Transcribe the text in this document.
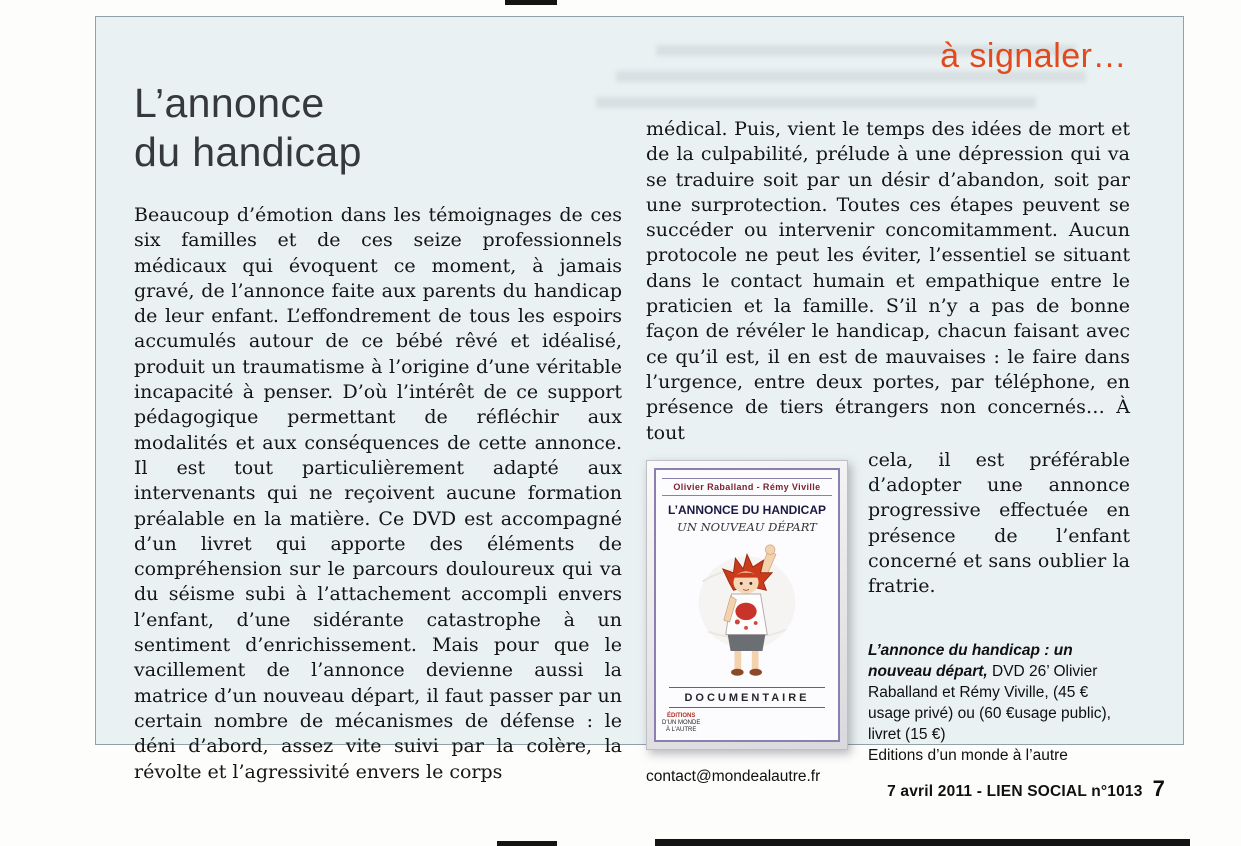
à signaler…
L’annonce
du handicap

Beaucoup d’émotion dans les témoignages de ces six familles et de ces seize professionnels médicaux qui évoquent ce moment, à jamais gravé, de l’annonce faite aux parents du handicap de leur enfant. L’effondrement de tous les espoirs accumulés autour de ce bébé rêvé et idéalisé, produit un traumatisme à l’origine d’une véritable incapacité à penser. D’où l’intérêt de ce support pédagogique permettant de réfléchir aux modalités et aux conséquences de cette annonce. Il est tout particulièrement adapté aux intervenants qui ne reçoivent aucune formation préalable en la matière. Ce DVD est accompagné d’un livret qui apporte des éléments de compréhension sur le parcours douloureux qui va du séisme subi à l’attachement accompli envers l’enfant, d’une sidérante catastrophe à un sentiment d’enrichissement. Mais pour que le vacillement de l’annonce devienne aussi la matrice d’un nouveau départ, il faut passer par un certain nombre de mécanismes de défense : le déni d’abord, assez vite suivi par la colère, la révolte et l’agressivité envers le corps

médical. Puis, vient le temps des idées de mort et de la culpabilité, prélude à une dépression qui va se traduire soit par un désir d’abandon, soit par une surprotection. Toutes ces étapes peuvent se succéder ou intervenir concomitamment. Aucun protocole ne peut les éviter, l’essentiel se situant dans le contact humain et empathique entre le praticien et la famille. S’il n’y a pas de bonne façon de révéler le handicap, chacun faisant avec ce qu’il est, il en est de mauvaises : le faire dans l’urgence, entre deux portes, par téléphone, en présence de tiers étrangers non concernés… À tout

Olivier Raballand - Rémy Viville
L’ANNONCE DU HANDICAP
UN NOUVEAU DÉPART
DOCUMENTAIRE
ÉDITIONS
D’UN MONDE
À L’AUTRE

cela, il est préférable d’adopter une annonce progressive effectuée en présence de l’enfant concerné et sans oublier la fratrie.

L’annonce du handicap : un nouveau départ, DVD 26’ Olivier Raballand et Rémy Viville, (45 € usage privé) ou (60 €usage public), livret (15 €)

Editions d’un monde à l’autre

contact@mondealautre.fr

7 avril 2011 - LIEN SOCIAL n°1013 7
